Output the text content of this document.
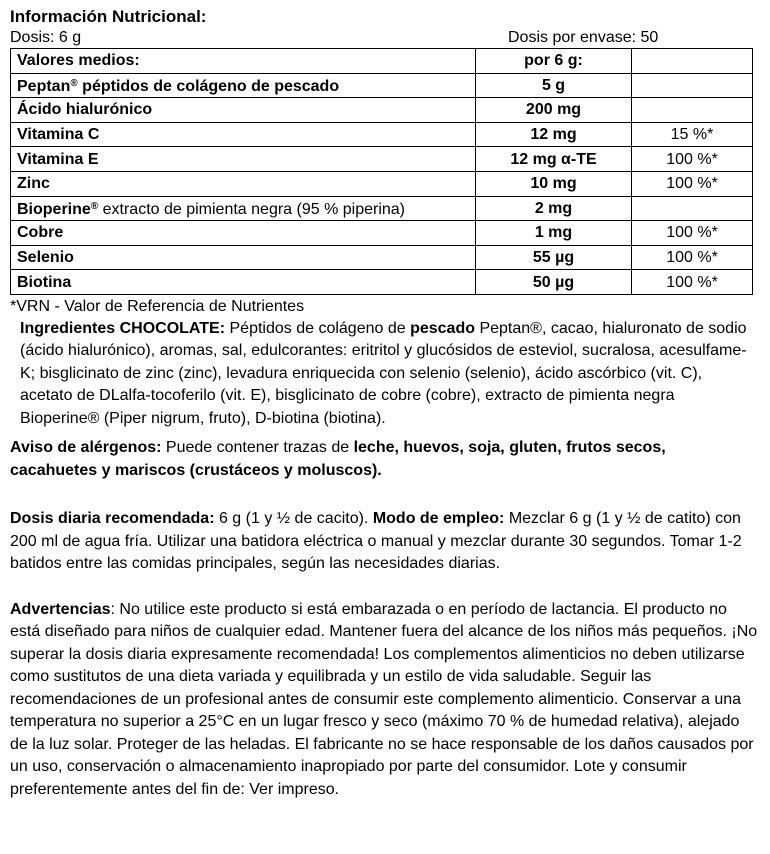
Información Nutricional:
Dosis: 6 g	Dosis por envase: 50
Valores medios:	por 6 g:	
Peptan® péptidos de colágeno de pescado	5 g	
Ácido hialurónico	200 mg	
Vitamina C	12 mg	15 %*
Vitamina E	12 mg α-TE	100 %*
Zinc	10 mg	100 %*
Bioperine® extracto de pimienta negra (95 % piperina)	2 mg	
Cobre	1 mg	100 %*
Selenio	55 µg	100 %*
Biotina	50 µg	100 %*
*VRN - Valor de Referencia de Nutrientes

Ingredientes CHOCOLATE: Péptidos de colágeno de pescado Peptan®, cacao, hialuronato de sodio (ácido hialurónico), aromas, sal, edulcorantes: eritritol y glucósidos de esteviol, sucralosa, acesulfame-K; bisglicinato de zinc (zinc), levadura enriquecida con selenio (selenio), ácido ascórbico (vit. C), acetato de DLalfa-tocoferilo (vit. E), bisglicinato de cobre (cobre), extracto de pimienta negra Bioperine® (Piper nigrum, fruto), D-biotina (biotina).

Aviso de alérgenos: Puede contener trazas de leche, huevos, soja, gluten, frutos secos, cacahuetes y mariscos (crustáceos y moluscos).

Dosis diaria recomendada: 6 g (1 y ½ de cacito). Modo de empleo: Mezclar 6 g (1 y ½ de catito) con 200 ml de agua fría. Utilizar una batidora eléctrica o manual y mezclar durante 30 segundos. Tomar 1-2 batidos entre las comidas principales, según las necesidades diarias.

Advertencias: No utilice este producto si está embarazada o en período de lactancia. El producto no está diseñado para niños de cualquier edad. Mantener fuera del alcance de los niños más pequeños. ¡No superar la dosis diaria expresamente recomendada! Los complementos alimenticios no deben utilizarse como sustitutos de una dieta variada y equilibrada y un estilo de vida saludable. Seguir las recomendaciones de un profesional antes de consumir este complemento alimenticio. Conservar a una temperatura no superior a 25°C en un lugar fresco y seco (máximo 70 % de humedad relativa), alejado de la luz solar. Proteger de las heladas. El fabricante no se hace responsable de los daños causados por un uso, conservación o almacenamiento inapropiado por parte del consumidor. Lote y consumir preferentemente antes del fin de: Ver impreso.
